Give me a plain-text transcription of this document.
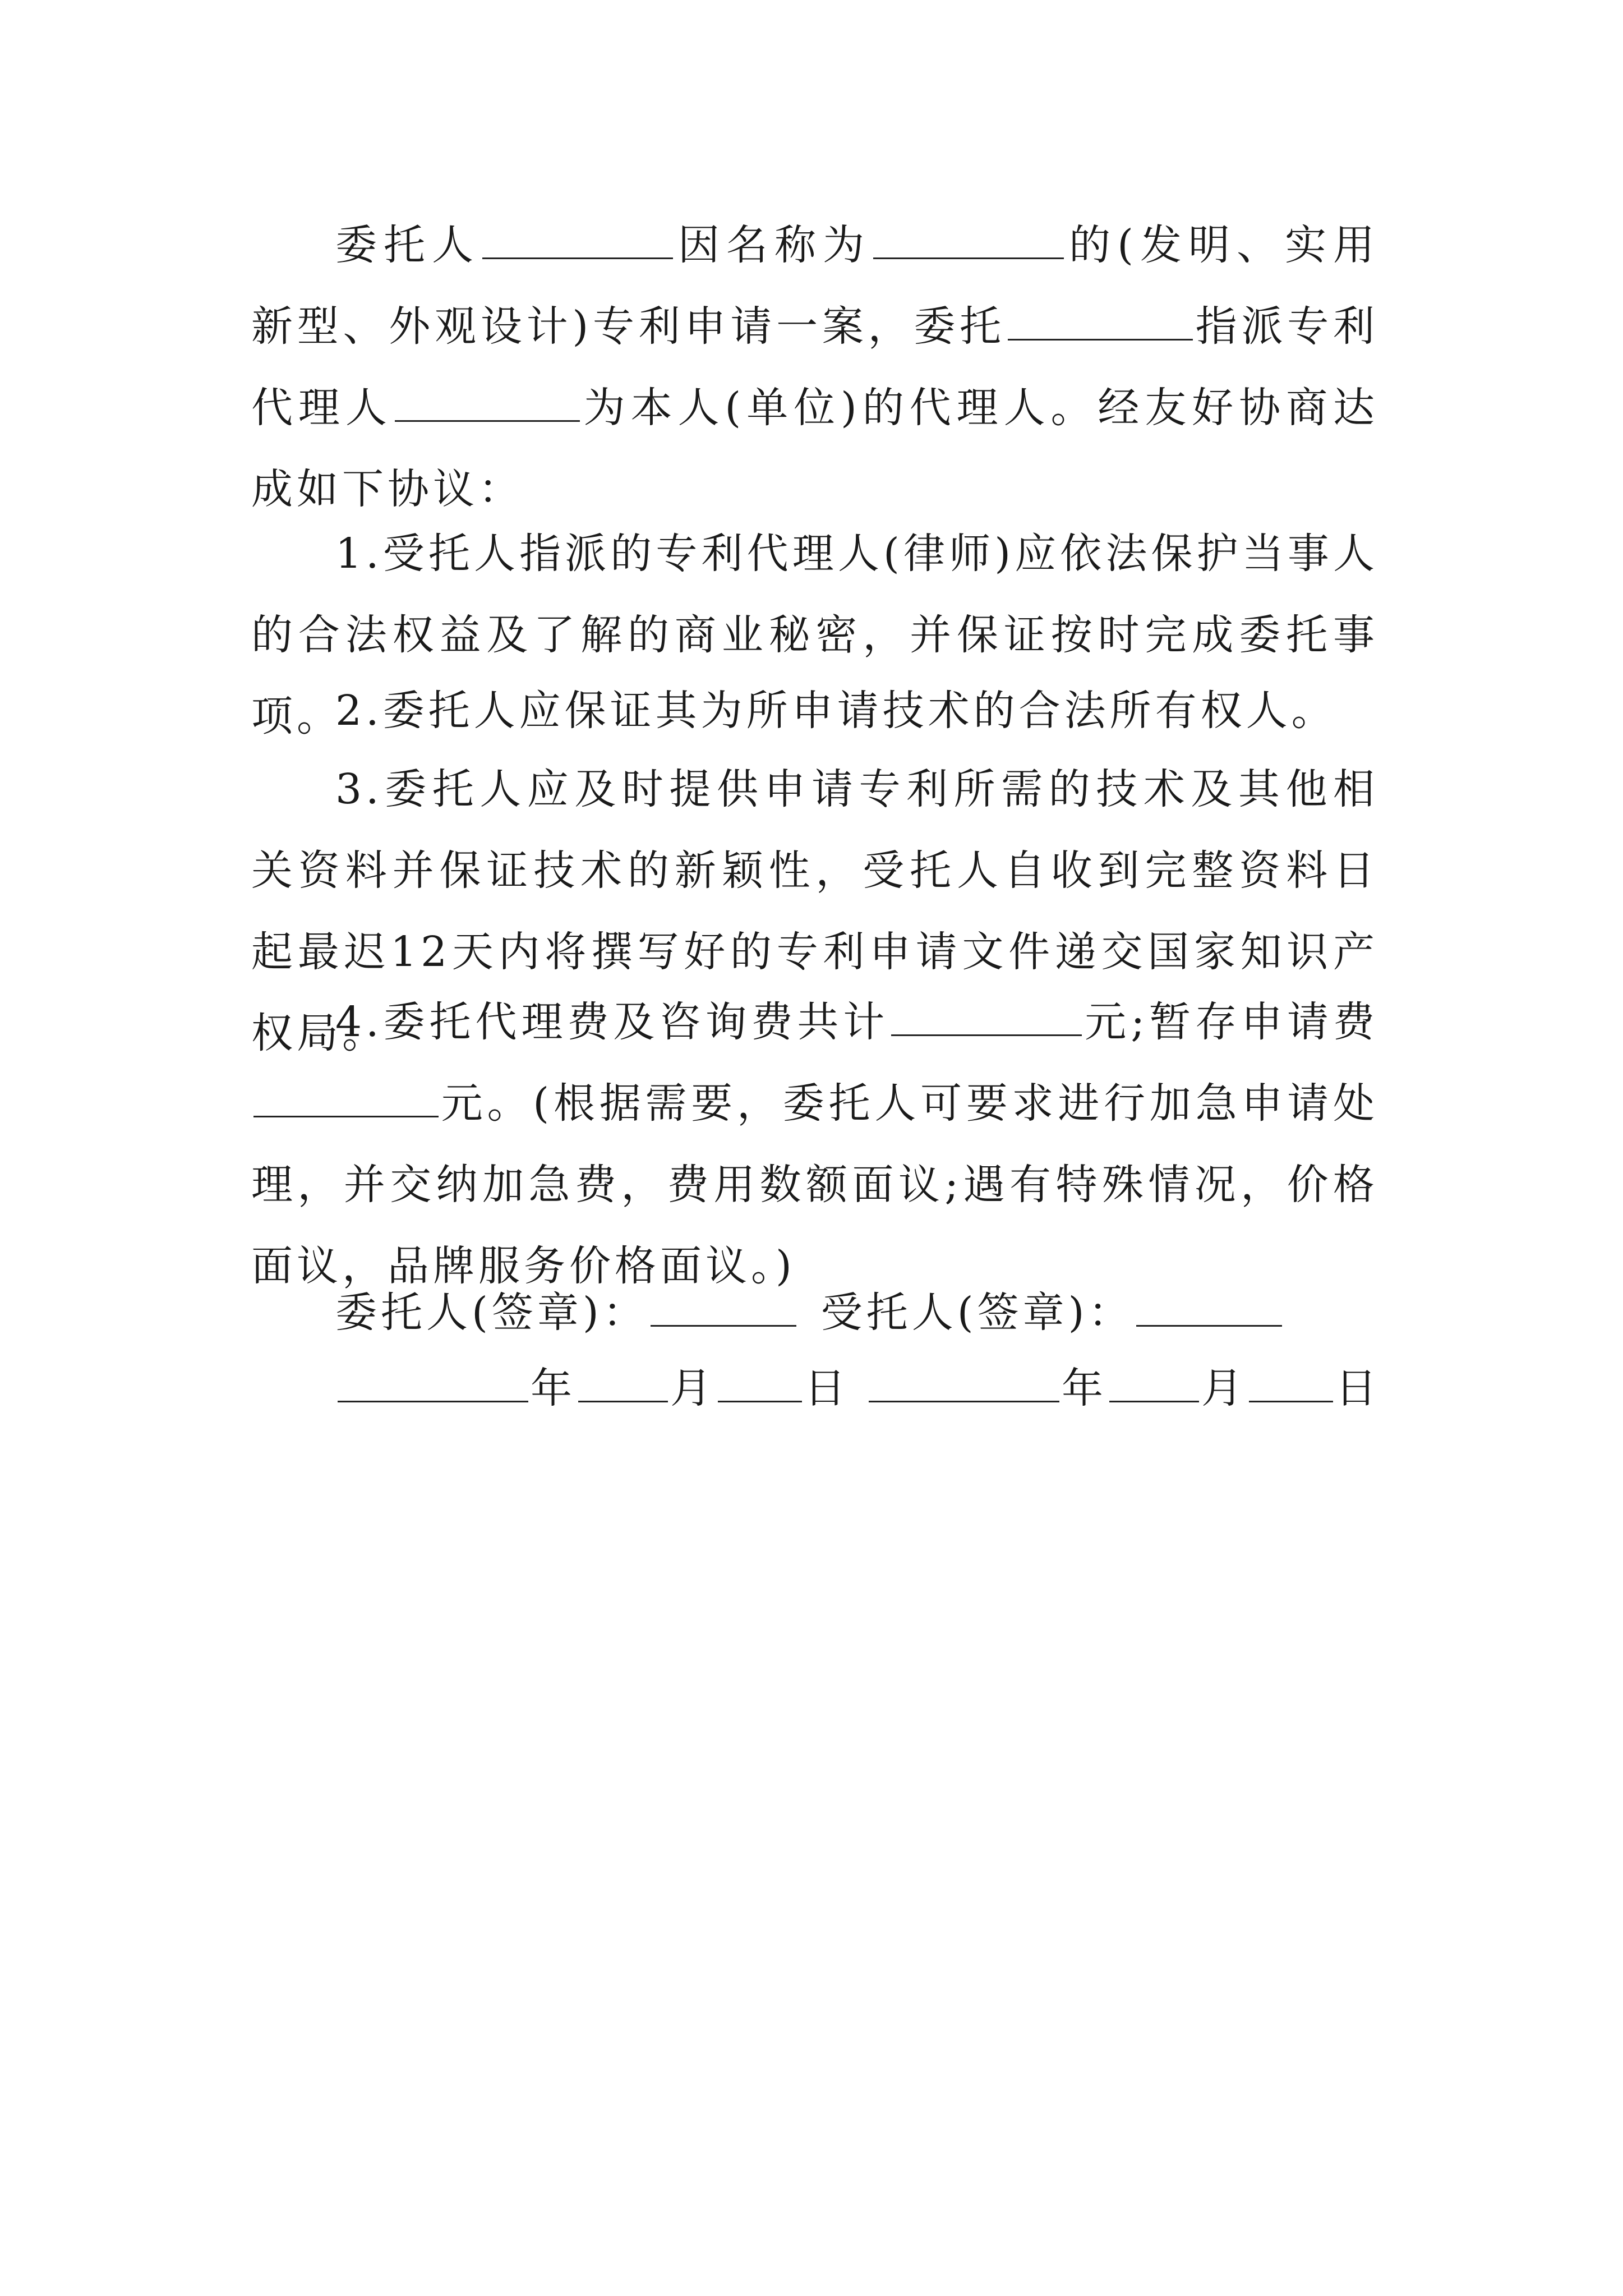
委托人	因名称为	的(发明、实用新型、外观设计)专利申请一案，委托	指派专利代理人	为本人(单位)的代理人。经友好协商达成如下协议：
1.受托人指派的专利代理人(律师)应依法保护当事人的合法权益及了解的商业秘密，并保证按时完成委托事项。
2.委托人应保证其为所申请技术的合法所有权人。
3.委托人应及时提供申请专利所需的技术及其他相关资料并保证技术的新颖性，受托人自收到完整资料日起最迟12天内将撰写好的专利申请文件递交国家知识产权局。
4.委托代理费及咨询费共计	元;暂存申请费元。(根据需要，委托人可要求进行加急申请处理，并交纳加急费，费用数额面议;遇有特殊情况，价格面议，品牌服务价格面议。)
委托人(签章)：	受托人(签章)：
年 月 日	年 月 日
